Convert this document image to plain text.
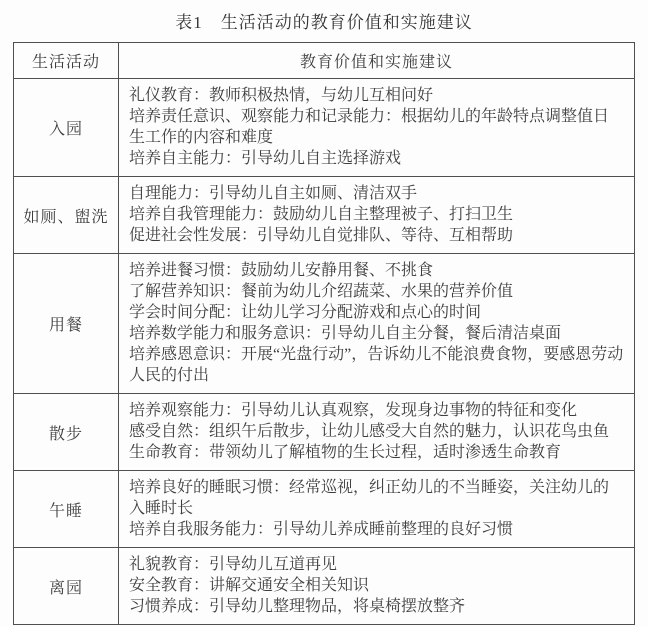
表1　生活活动的教育价值和实施建议
生活活动	教育价值和实施建议
入园	礼仪教育：教师积极热情，与幼儿互相问好
培养责任意识、观察能力和记录能力：根据幼儿的年龄特点调整值日生工作的内容和难度
培养自主能力：引导幼儿自主选择游戏

如厕、盥洗	自理能力：引导幼儿自主如厕、清洁双手
培养自我管理能力：鼓励幼儿自主整理被子、打扫卫生
促进社会性发展：引导幼儿自觉排队、等待、互相帮助

用餐	培养进餐习惯：鼓励幼儿安静用餐、不挑食
了解营养知识：餐前为幼儿介绍蔬菜、水果的营养价值
学会时间分配：让幼儿学习分配游戏和点心的时间
培养数学能力和服务意识：引导幼儿自主分餐，餐后清洁桌面
培养感恩意识：开展“光盘行动”，告诉幼儿不能浪费食物，要感恩劳动人民的付出

散步	培养观察能力：引导幼儿认真观察，发现身边事物的特征和变化
感受自然：组织午后散步，让幼儿感受大自然的魅力，认识花鸟虫鱼
生命教育：带领幼儿了解植物的生长过程，适时渗透生命教育

午睡	培养良好的睡眠习惯：经常巡视，纠正幼儿的不当睡姿，关注幼儿的入睡时长
培养自我服务能力：引导幼儿养成睡前整理的良好习惯

离园	礼貌教育：引导幼儿互道再见
安全教育：讲解交通安全相关知识
习惯养成：引导幼儿整理物品，将桌椅摆放整齐
